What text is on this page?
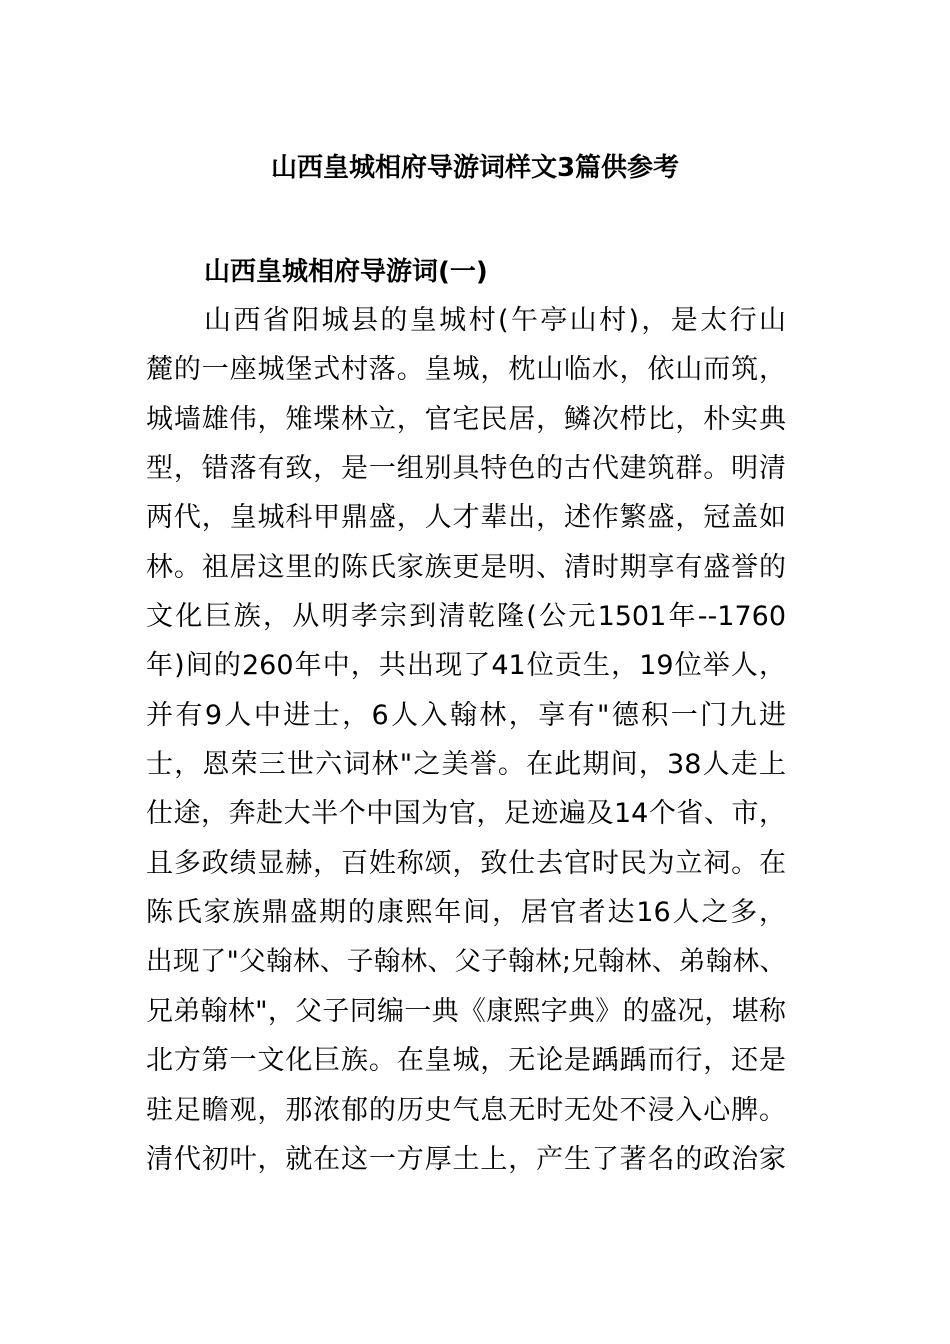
山西皇城相府导游词样文3篇供参考
山西皇城相府导游词(一)
山西省阳城县的皇城村(午亭山村)，是太行山
麓的一座城堡式村落。皇城，枕山临水，依山而筑，
城墙雄伟，雉堞林立，官宅民居，鳞次栉比，朴实典
型，错落有致，是一组别具特色的古代建筑群。明清
两代，皇城科甲鼎盛，人才辈出，述作繁盛，冠盖如
林。祖居这里的陈氏家族更是明、清时期享有盛誉的
文化巨族，从明孝宗到清乾隆(公元1501年--1760
年)间的260年中，共出现了41位贡生，19位举人，
并有9人中进士，6人入翰林，享有"德积一门九进
士，恩荣三世六词林"之美誉。在此期间，38人走上
仕途，奔赴大半个中国为官，足迹遍及14个省、市，
且多政绩显赫，百姓称颂，致仕去官时民为立祠。在
陈氏家族鼎盛期的康熙年间，居官者达16人之多，
出现了"父翰林、子翰林、父子翰林;兄翰林、弟翰林、
兄弟翰林"，父子同编一典《康熙字典》的盛况，堪称
北方第一文化巨族。在皇城，无论是踽踽而行，还是
驻足瞻观，那浓郁的历史气息无时无处不浸入心脾。
清代初叶，就在这一方厚土上，产生了著名的政治家
